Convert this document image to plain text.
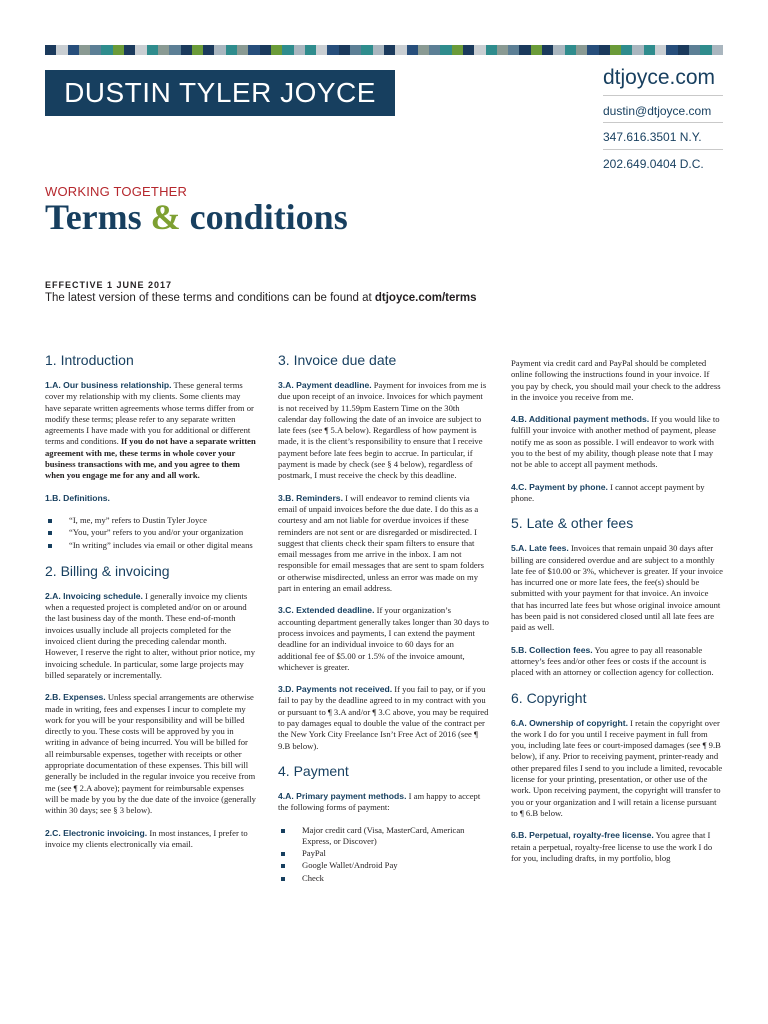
DUSTIN TYLER JOYCE	dtjoyce.com
dustin@dtjoyce.com
347.616.3501 N.Y.
202.649.0404 D.C.
WORKING TOGETHER
Terms & conditions
EFFECTIVE 1 JUNE 2017
The latest version of these terms and conditions can be found at dtjoyce.com/terms
1. Introduction

1.A. Our business relationship. These general terms cover my relationship with my clients. Some clients may have separate written agreements whose terms differ from or modify these terms; please refer to any separate written agreements I have made with you for additional or different terms and conditions. If you do not have a separate written agreement with me, these terms in whole cover your business transactions with me, and you agree to them when you engage me for any and all work.

1.B. Definitions.

“I, me, my” refers to Dustin Tyler Joyce
“You, your” refers to you and/or your organization
“In writing” includes via email or other digital means
2. Billing & invoicing

2.A. Invoicing schedule. I generally invoice my clients when a requested project is completed and/or on or around the last business day of the month. These end-of-month invoices usually include all projects completed for the invoiced client during the preceding calendar month. However, I reserve the right to alter, without prior notice, my invoicing schedule. In particular, some large projects may billed separately or incrementally.

2.B. Expenses. Unless special arrangements are otherwise made in writing, fees and expenses I incur to complete my work for you will be your responsibility and will be billed directly to you. These costs will be approved by you in writing in advance of being incurred. You will be billed for all reimbursable expenses, together with receipts or other appropriate documentation of these expenses. This bill will generally be included in the regular invoice you receive from me (see ¶ 2.A above); payment for reimbursable expenses will be made by you by the due date of the invoice (generally within 30 days; see § 3 below).

2.C. Electronic invoicing. In most instances, I prefer to invoice my clients electronically via email.

3. Invoice due date

3.A. Payment deadline. Payment for invoices from me is due upon receipt of an invoice. Invoices for which payment is not received by 11.59pm Eastern Time on the 30th calendar day following the date of an invoice are subject to late fees (see ¶ 5.A below). Regardless of how payment is made, it is the client’s responsibility to ensure that I receive payment before late fees begin to accrue. In particular, if payment is made by check (see § 4 below), regardless of postmark, I must receive the check by this deadline.

3.B. Reminders. I will endeavor to remind clients via email of unpaid invoices before the due date. I do this as a courtesy and am not liable for overdue invoices if these reminders are not sent or are disregarded or misdirected. I suggest that clients check their spam filters to ensure that email messages from me arrive in the inbox. I am not responsible for email messages that are sent to spam folders or otherwise misdirected, unless an error was made on my part in entering an email address.

3.C. Extended deadline. If your organization’s accounting department generally takes longer than 30 days to process invoices and payments, I can extend the payment deadline for an individual invoice to 60 days for an additional fee of $5.00 or 1.5% of the invoice amount, whichever is greater.

3.D. Payments not received. If you fail to pay, or if you fail to pay by the deadline agreed to in my contract with you or pursuant to ¶ 3.A and/or ¶ 3.C above, you may be required to pay damages equal to double the value of the contract per the New York City Freelance Isn’t Free Act of 2016 (see ¶ 9.B below).

4. Payment

4.A. Primary payment methods. I am happy to accept the following forms of payment:

Major credit card (Visa, MasterCard, American Express, or Discover)
PayPal
Google Wallet/Android Pay
Check

Payment via credit card and PayPal should be completed online following the instructions found in your invoice. If you pay by check, you should mail your check to the address in the invoice you receive from me.

4.B. Additional payment methods. If you would like to fulfill your invoice with another method of payment, please notify me as soon as possible. I will endeavor to work with you to the best of my ability, though please note that I may not be able to accept all payment methods.

4.C. Payment by phone. I cannot accept payment by phone.

5. Late & other fees

5.A. Late fees. Invoices that remain unpaid 30 days after billing are considered overdue and are subject to a monthly late fee of $10.00 or 3%, whichever is greater. If your invoice has incurred one or more late fees, the fee(s) should be submitted with your payment for that invoice. An invoice that has incurred late fees but whose original invoice amount has been paid is not considered closed until all late fees are paid as well.

5.B. Collection fees. You agree to pay all reasonable attorney’s fees and/or other fees or costs if the account is placed with an attorney or collection agency for collection.

6. Copyright

6.A. Ownership of copyright. I retain the copyright over the work I do for you until I receive payment in full from you, including late fees or court-imposed damages (see ¶ 9.B below), if any. Prior to receiving payment, printer-ready and other prepared files I send to you include a limited, revocable license for your printing, presentation, or other use of the work. Upon receiving payment, the copyright will transfer to you or your organization and I will retain a license pursuant to ¶ 6.B below.

6.B. Perpetual, royalty-free license. You agree that I retain a perpetual, royalty-free license to use the work I do for you, including drafts, in my portfolio, blog
